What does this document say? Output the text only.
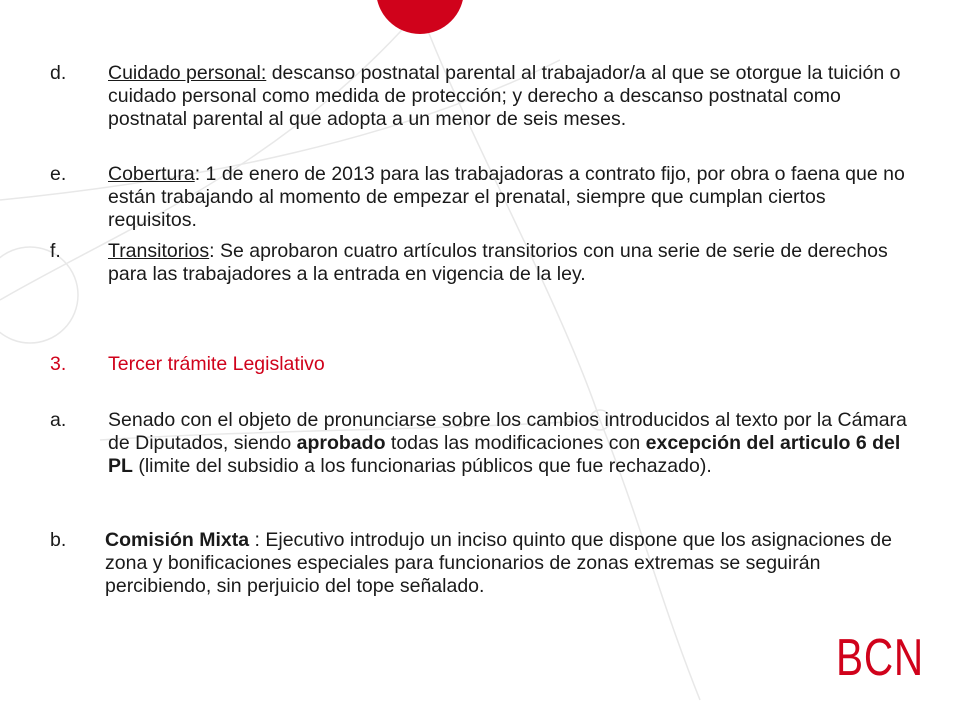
d. Cuidado personal: descanso postnatal parental al trabajador/a al que se otorgue la tuición o cuidado personal como medida de protección; y derecho a descanso postnatal como postnatal parental al que adopta a un menor de seis meses.
e. Cobertura: 1 de enero de 2013 para las trabajadoras a contrato fijo, por obra o faena que no están trabajando al momento de empezar el prenatal, siempre que cumplan ciertos requisitos.
f. Transitorios: Se aprobaron cuatro artículos transitorios con una serie de serie de derechos para las trabajadores a la entrada en vigencia de la ley.
3. Tercer trámite Legislativo
a. Senado con el objeto de pronunciarse sobre los cambios introducidos al texto por la Cámara de Diputados, siendo aprobado todas las modificaciones con excepción del articulo 6 del PL (limite del subsidio a los funcionarias públicos que fue rechazado).
b. Comisión Mixta : Ejecutivo introdujo un inciso quinto que dispone que los asignaciones de zona y bonificaciones especiales para funcionarios de zonas extremas se seguirán percibiendo, sin perjuicio del tope señalado.
BCN
